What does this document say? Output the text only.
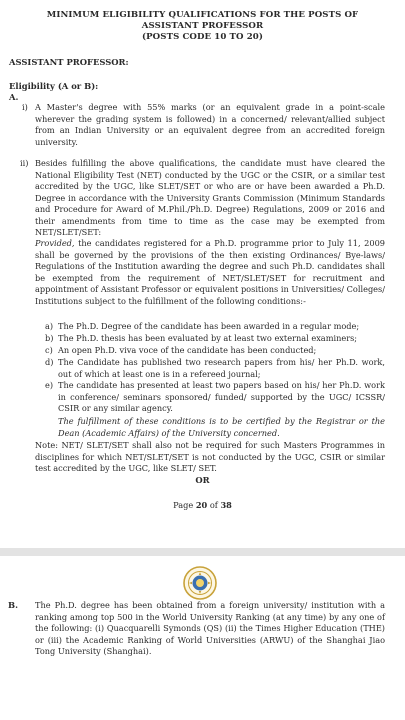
MINIMUM ELIGIBILITY QUALIFICATIONS FOR THE POSTS OF
ASSISTANT PROFESSOR
(POSTS CODE 10 TO 20)
ASSISTANT PROFESSOR:
Eligibility (A or B):
A.
i) A Master's degree with 55% marks (or an equivalent grade in a point-scale wherever the grading system is followed) in a concerned/ relevant/allied subject from an Indian University or an equivalent degree from an accredited foreign university.
ii) Besides fulfilling the above qualifications, the candidate must have cleared the National Eligibility Test (NET) conducted by the UGC or the CSIR, or a similar test accredited by the UGC, like SLET/SET or who are or have been awarded a Ph.D. Degree in accordance with the University Grants Commission (Minimum Standards and Procedure for Award of M.Phil./Ph.D. Degree) Regulations, 2009 or 2016 and their amendments from time to time as the case may be exempted from NET/SLET/SET:
Provided, the candidates registered for a Ph.D. programme prior to July 11, 2009 shall be governed by the provisions of the then existing Ordinances/ Bye-laws/ Regulations of the Institution awarding the degree and such Ph.D. candidates shall be exempted from the requirement of NET/SLET/SET for recruitment and appointment of Assistant Professor or equivalent positions in Universities/ Colleges/ Institutions subject to the fulfillment of the following conditions:-
a) The Ph.D. Degree of the candidate has been awarded in a regular mode;
b) The Ph.D. thesis has been evaluated by at least two external examiners;
c) An open Ph.D. viva voce of the candidate has been conducted;
d) The Candidate has published two research papers from his/ her Ph.D. work, out of which at least one is in a refereed journal;
e) The candidate has presented at least two papers based on his/ her Ph.D. work in conference/ seminars sponsored/ funded/ supported by the UGC/ ICSSR/ CSIR or any similar agency.
The fulfillment of these conditions is to be certified by the Registrar or the Dean (Academic Affairs) of the University concerned.
Note: NET/ SLET/SET shall also not be required for such Masters Programmes in disciplines for which NET/SLET/SET is not conducted by the UGC, CSIR or similar test accredited by the UGC, like SLET/ SET.
OR
Page 20 of 38
B. The Ph.D. degree has been obtained from a foreign university/ institution with a ranking among top 500 in the World University Ranking (at any time) by any one of the following: (i) Quacquarelli Symonds (QS) (ii) the Times Higher Education (THE) or (iii) the Academic Ranking of World Universities (ARWU) of the Shanghai Jiao Tong University (Shanghai).
